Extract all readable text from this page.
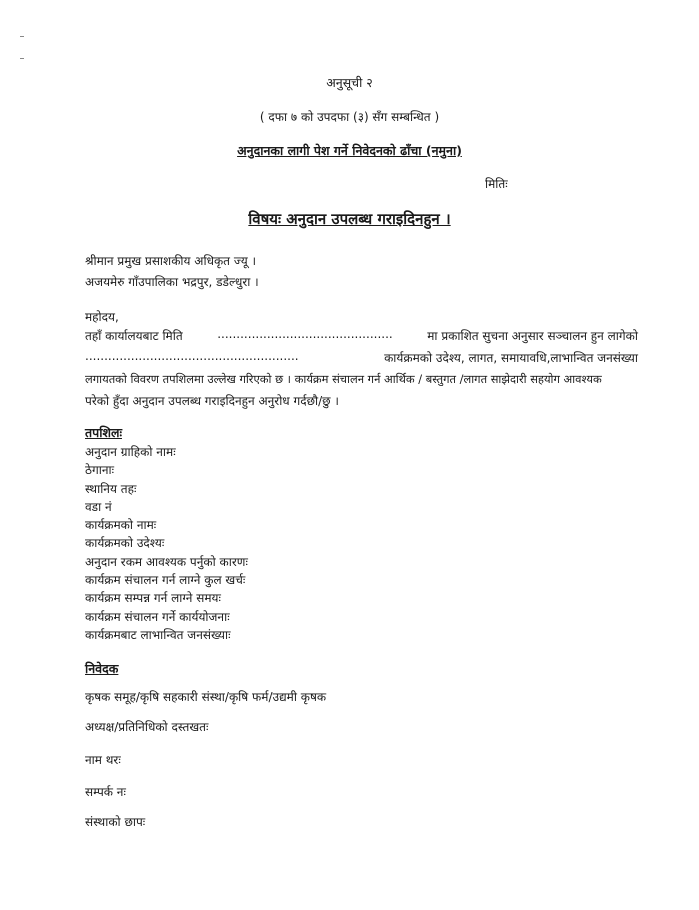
अनुसूची २
( दफा ७ को उपदफा (३) सँग सम्बन्धित )
अनुदानका लागी पेश गर्ने निवेदनको ढाँचा (नमुना)
मितिः
विषयः अनुदान उपलब्ध गराइदिनहुन ।
श्रीमान प्रमुख प्रसाशकीय अधिकृत ज्यू ।
अजयमेरु गाँउपालिका भद्रपुर, डडेल्धुरा ।
महोदय,
तहाँ कार्यालयबाट मिति	..............................................	मा प्रकाशित सुचना अनुसार सञ्चालन हुन लागेको
........................................................	कार्यक्रमको उदेश्य, लागत, समायावधि,लाभान्वित जनसंख्या
लगायतको विवरण तपशिलमा उल्लेख गरिएको छ । कार्यक्रम संचालन गर्न आर्थिक / बस्तुगत /लागत साझेदारी सहयोग आवश्यक
परेको हुँदा अनुदान उपलब्ध गराइदिनहुन अनुरोध गर्दछौ/छु ।
तपशिलः
अनुदान ग्राहिको नामः
ठेगानाः
स्थानिय तहः
वडा नं
कार्यक्रमको नामः
कार्यक्रमको उदेश्यः
अनुदान रकम आवश्यक पर्नुको कारणः
कार्यक्रम संचालन गर्न लाग्ने कुल खर्चः
कार्यक्रम सम्पन्न गर्न लाग्ने समयः
कार्यक्रम संचालन गर्ने कार्ययोजनाः
कार्यक्रमबाट लाभान्वित जनसंख्याः
निवेदक
कृषक समूह/कृषि सहकारी संस्था/कृषि फर्म/उद्यमी कृषक
अध्यक्ष/प्रतिनिधिको दस्तखतः
नाम थरः
सम्पर्क नः
संस्थाको छापः
